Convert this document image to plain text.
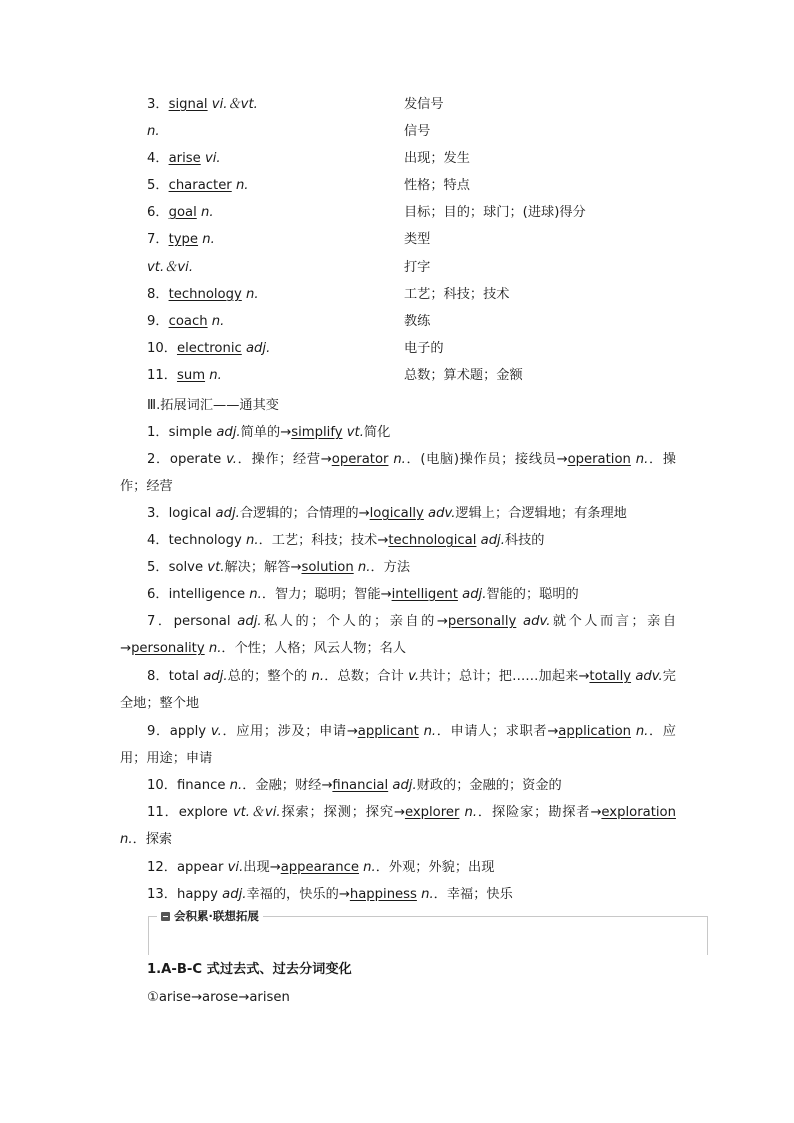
3．signal vi.＆vt.	发信号
n.	信号
4．arise vi.	出现；发生
5．character n.	性格；特点
6．goal n.	目标；目的；球门；(进球)得分
7．type n.	类型
vt.＆vi.	打字
8．technology n.	工艺；科技；技术
9．coach n.	教练
10．electronic adj.	电子的
11．sum n.	总数；算术题；金额
Ⅲ.拓展词汇——通其变
1．simple adj.简单的→simplify vt.简化
2．operate v.．操作；经营→operator n.．(电脑)操作员；接线员→operation n.．操作；经营
3．logical adj.合逻辑的；合情理的→logically adv.逻辑上；合逻辑地；有条理地
4．technology n.．工艺；科技；技术→technological adj.科技的
5．solve vt.解决；解答→solution n.．方法
6．intelligence n.．智力；聪明；智能→intelligent adj.智能的；聪明的
7．personal adj.私人的；个人的；亲自的→personally adv.就个人而言；亲自→personality n.．个性；人格；风云人物；名人
8．total adj.总的；整个的 n.．总数；合计 v.共计；总计；把……加起来→totally adv.完全地；整个地
9．apply v.．应用；涉及；申请→applicant n.．申请人；求职者→application n.．应用；用途；申请
10．finance n.．金融；财经→financial adj.财政的；金融的；资金的
11．explore vt.＆vi.探索；探测；探究→explorer n.．探险家；勘探者→exploration n.．探索
12．appear vi.出现→appearance n.．外观；外貌；出现
13．happy adj.幸福的，快乐的→happiness n.．幸福；快乐
会积累·联想拓展
1.A-B-C 式过去式、过去分词变化
①arise→arose→arisen
